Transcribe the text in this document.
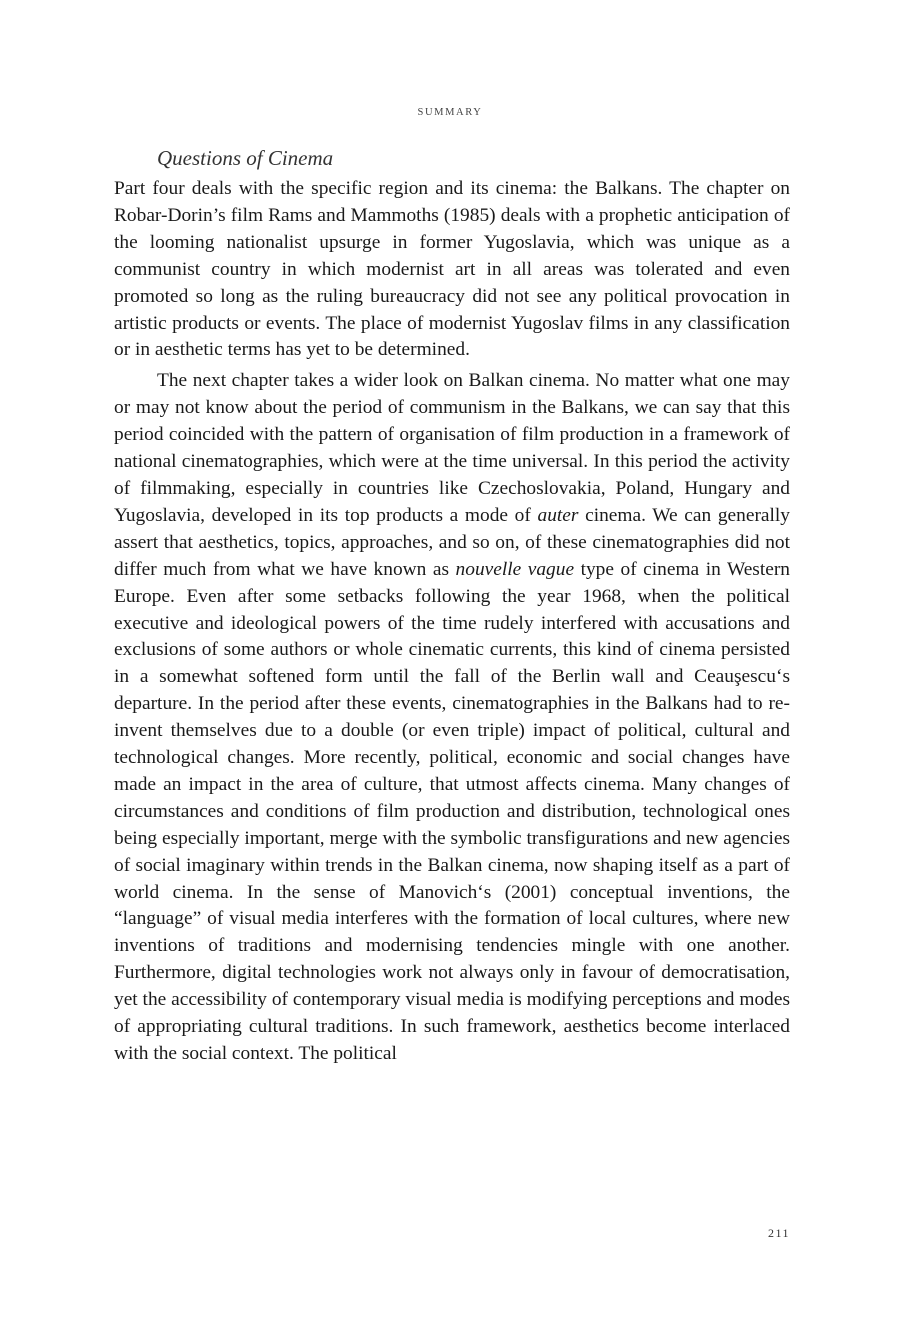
SUMMARY
Questions of Cinema

Part four deals with the specific region and its cinema: the Balkans. The chapter on Robar-Dorin’s film Rams and Mammoths (1985) deals with a prophetic anticipation of the looming nationalist upsurge in former Yugoslavia, which was unique as a communist country in which modernist art in all areas was tolerated and even promoted so long as the ruling bureaucracy did not see any political provocation in artistic products or events. The place of modernist Yugoslav films in any classification or in aesthetic terms has yet to be determined.

The next chapter takes a wider look on Balkan cinema. No matter what one may or may not know about the period of communism in the Balkans, we can say that this period coincided with the pattern of organisation of film production in a framework of national cinematographies, which were at the time universal. In this period the activity of filmmaking, especially in countries like Czechoslovakia, Poland, Hungary and Yugoslavia, developed in its top products a mode of auter cinema. We can generally assert that aesthetics, topics, approaches, and so on, of these cinematographies did not differ much from what we have known as nouvelle vague type of cinema in Western Europe. Even after some setbacks following the year 1968, when the political executive and ideological powers of the time rudely interfered with accusations and exclusions of some authors or whole cinematic currents, this kind of cinema persisted in a somewhat softened form until the fall of the Berlin wall and Ceauşescu‘s departure. In the period after these events, cinematographies in the Balkans had to re-invent themselves due to a double (or even triple) impact of political, cultural and technological changes. More recently, political, economic and social changes have made an impact in the area of culture, that utmost affects cinema. Many changes of circumstances and conditions of film production and distribution, technological ones being especially important, merge with the symbolic transfigurations and new agencies of social imaginary within trends in the Balkan cinema, now shaping itself as a part of world cinema. In the sense of Manovich‘s (2001) conceptual inventions, the “language” of visual media interferes with the formation of local cultures, where new inventions of traditions and modernising tendencies mingle with one another. Furthermore, digital technologies work not always only in favour of democratisation, yet the accessibility of contemporary visual media is modifying perceptions and modes of appropriating cultural traditions. In such framework, aesthetics become interlaced with the social context. The political

211
